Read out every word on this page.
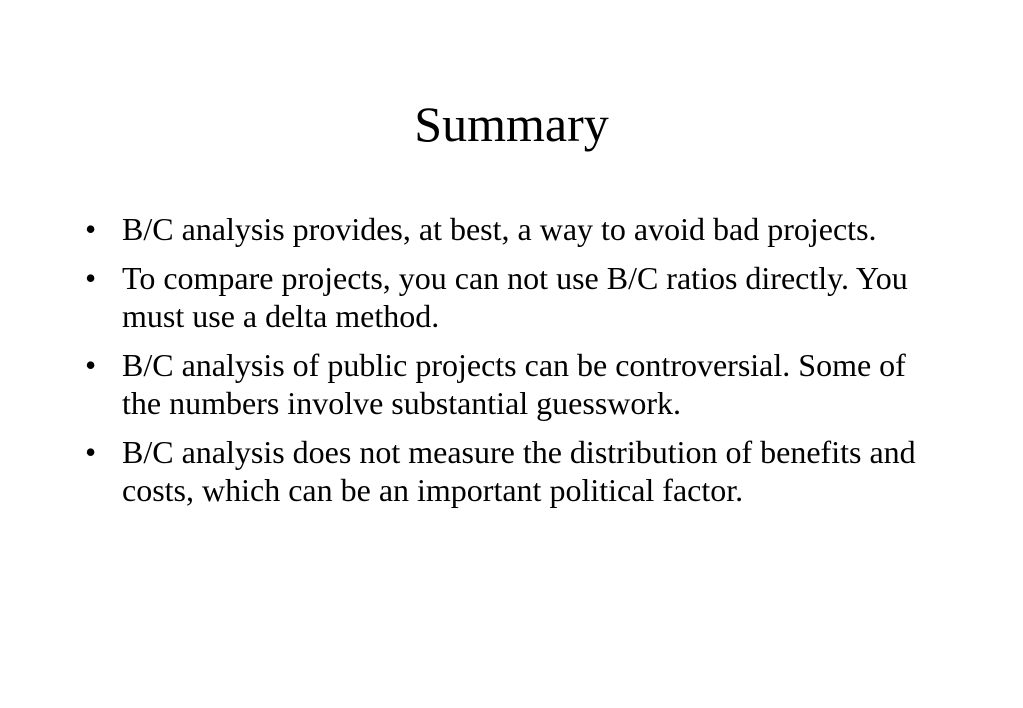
Summary
• B/C analysis provides, at best, a way to avoid bad projects.
• To compare projects, you can not use B/C ratios directly. You must use a delta method.
• B/C analysis of public projects can be controversial. Some of the numbers involve substantial guesswork.
• B/C analysis does not measure the distribution of benefits and costs, which can be an important political factor.
